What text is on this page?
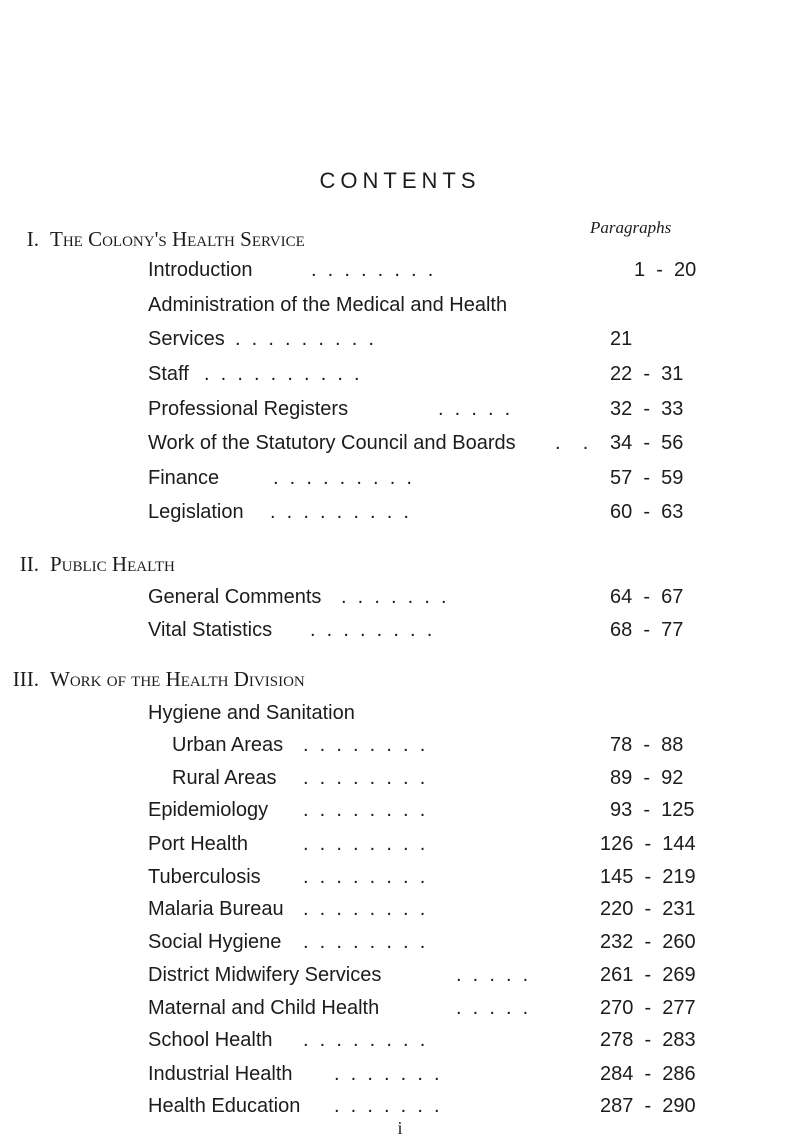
CONTENTS
Paragraphs
I. The Colony's Health Service
Introduction	.  .  .  .  .  .  .  .	1  -  20
Administration of the Medical and Health
Services .  .  .  .  .  .  .  .  .	21
Staff .  .  .  .  .  .  .  .  .  .	22  -  31
Professional Registers	.  .  .  .  .	32  -  33
Work of the Statutory Council and Boards .    . 34  -  56
Finance	.  .  .  .  .  .  .  .  .	57  -  59
Legislation .  .  .  .  .  .  .  .  .	60  -  63
II. Public Health
General Comments .  .  .  .  .  .  .	64  -  67
Vital Statistics .  .  .  .  .  .  .  .	68  -  77
III. Work of the Health Division
Hygiene and Sanitation
Urban Areas .  .  .  .  .  .  .  .	78  -  88
Rural Areas .  .  .  .  .  .  .  .	89  -  92
Epidemiology .  .  .  .  .  .  .  .	93  -  125
Port Health	.  .  .  .  .  .  .  .	126  -  144
Tuberculosis .  .  .  .  .  .  .  .	145  -  219
Malaria Bureau .  .  .  .  .  .  .  .	220  -  231
Social Hygiene .  .  .  .  .  .  .  .	232  -  260
District Midwifery Services	.  .  .  .  .	261  -  269
Maternal and Child Health	.  .  .  .  .	270  -  277
School Health .  .  .  .  .  .  .  .	278  -  283
Industrial Health .  .  .  .  .  .  .	284  -  286
Health Education .  .  .  .  .  .  .	287  -  290
i
